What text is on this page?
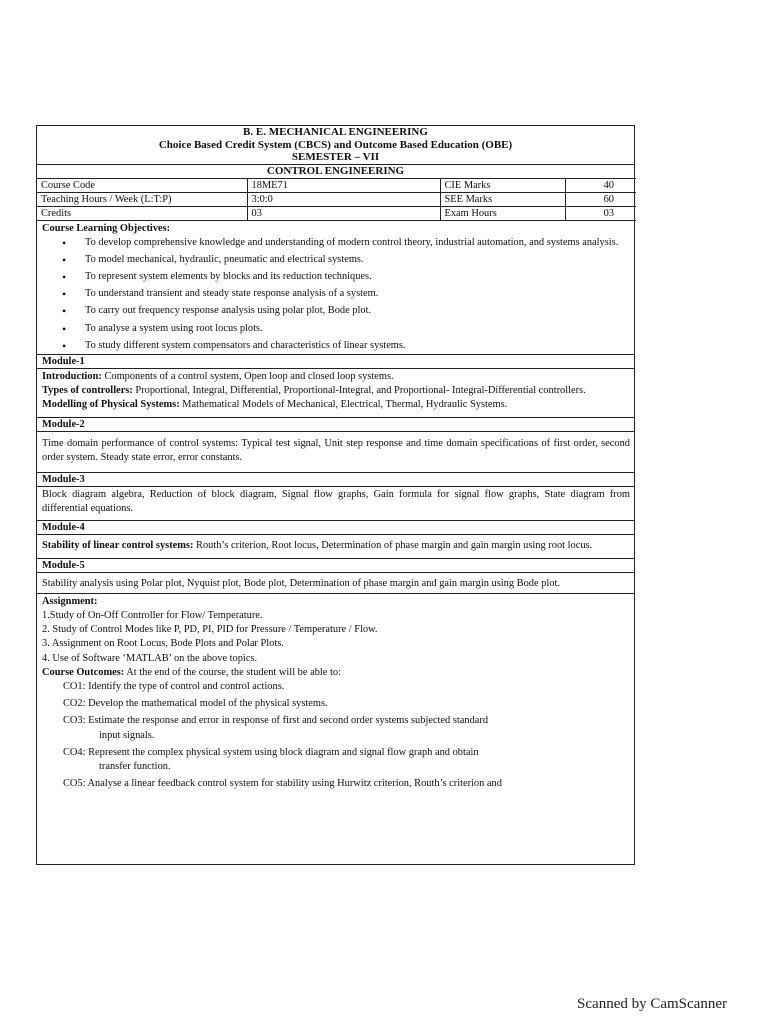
B. E. MECHANICAL ENGINEERING
Choice Based Credit System (CBCS) and Outcome Based Education (OBE)
SEMESTER – VII
CONTROL ENGINEERING
Course Code	18ME71	CIE Marks	40
Teaching Hours / Week (L:T:P)	3:0:0	SEE Marks	60
Credits	03	Exam Hours	03
Course Learning Objectives:
• To develop comprehensive knowledge and understanding of modern control theory, industrial automation, and systems analysis.
• To model mechanical, hydraulic, pneumatic and electrical systems.
• To represent system elements by blocks and its reduction techniques.
• To understand transient and steady state response analysis of a system.
• To carry out frequency response analysis using polar plot, Bode plot.
• To analyse a system using root locus plots.
• To study different system compensators and characteristics of linear systems.
Module-1

Introduction: Components of a control system, Open loop and closed loop systems.

Types of controllers: Proportional, Integral, Differential, Proportional-Integral, and Proportional- Integral-Differential controllers.

Modelling of Physical Systems: Mathematical Models of Mechanical, Electrical, Thermal, Hydraulic Systems.

Module-2

Time domain performance of control systems: Typical test signal, Unit step response and time domain specifications of first order, second order system. Steady state error, error constants.

Module-3

Block diagram algebra, Reduction of block diagram, Signal flow graphs, Gain formula for signal flow graphs, State diagram from differential equations.

Module-4

Stability of linear control systems: Routh’s criterion, Root locus, Determination of phase margin and gain margin using root locus.

Module-5

Stability analysis using Polar plot, Nyquist plot, Bode plot, Determination of phase margin and gain margin using Bode plot.

Assignment:

1.Study of On-Off Controller for Flow/ Temperature.

2. Study of Control Modes like P, PD, PI, PID for Pressure / Temperature / Flow.

3. Assignment on Root Locus, Bode Plots and Polar Plots.

4. Use of Software ‘MATLAB’ on the above topics.

Course Outcomes: At the end of the course, the student will be able to:

CO1: Identify the type of control and control actions.
CO2: Develop the mathematical model of the physical systems.
CO3: Estimate the response and error in response of first and second order systems subjected standard
input signals.
CO4: Represent the complex physical system using block diagram and signal flow graph and obtain
transfer function.
CO5: Analyse a linear feedback control system for stability using Hurwitz criterion, Routh’s criterion and
Scanned by CamScanner
